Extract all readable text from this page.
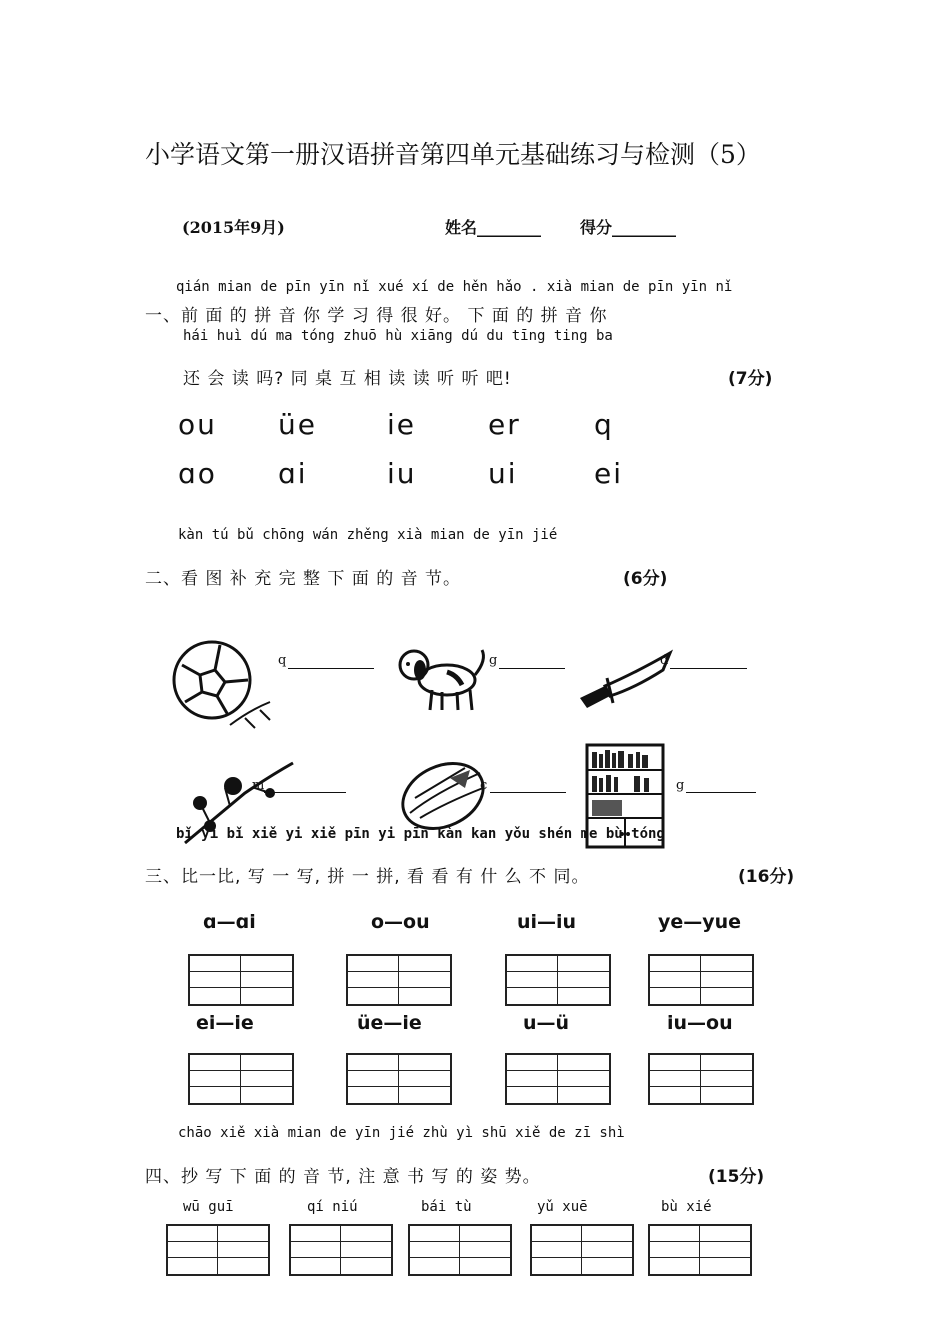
小学语文第一册汉语拼音第四单元基础练习与检测（5）
(2015年9月)	姓名________ 得分________
qián mian de pīn yīn nǐ xué xí de hěn hǎo . xià mian de pīn yīn nǐ
一、前 面 的 拼 音 你 学 习 得 很 好。 下 面 的 拼 音 你
hái huì dú ma tóng zhuō hù xiāng dú du tīng ting ba
还 会 读 吗? 同 桌 互 相 读 读 听 听 吧!	(7分)
ou üe	ie	er	q
ɑo ɑi	iu	ui	ei
kàn tú bǔ chōng wán zhěng xià mian de yīn jié
二、看 图 补 充 完 整 下 面 的 音 节。	(6分)
q	g	d
m	c	g
bǐ yi bǐ xiě yi xiě pīn yi pīn kàn kan yǒu shén me bù tóng
三、比一比, 写 一 写, 拼 一 拼, 看 看 有 什 么 不 同。	(16分)
ɑ—ɑi	o—ou	ui—iu	ye—yue
ei—ie	üe—ie	u—ü	iu—ou
chāo xiě xià mian de yīn jié zhù yì shū xiě de zī shì
四、抄 写 下 面 的 音 节, 注 意 书 写 的 姿 势。	(15分)
wū guī	qí niú	bái tù	yǔ xuē	bù xié
